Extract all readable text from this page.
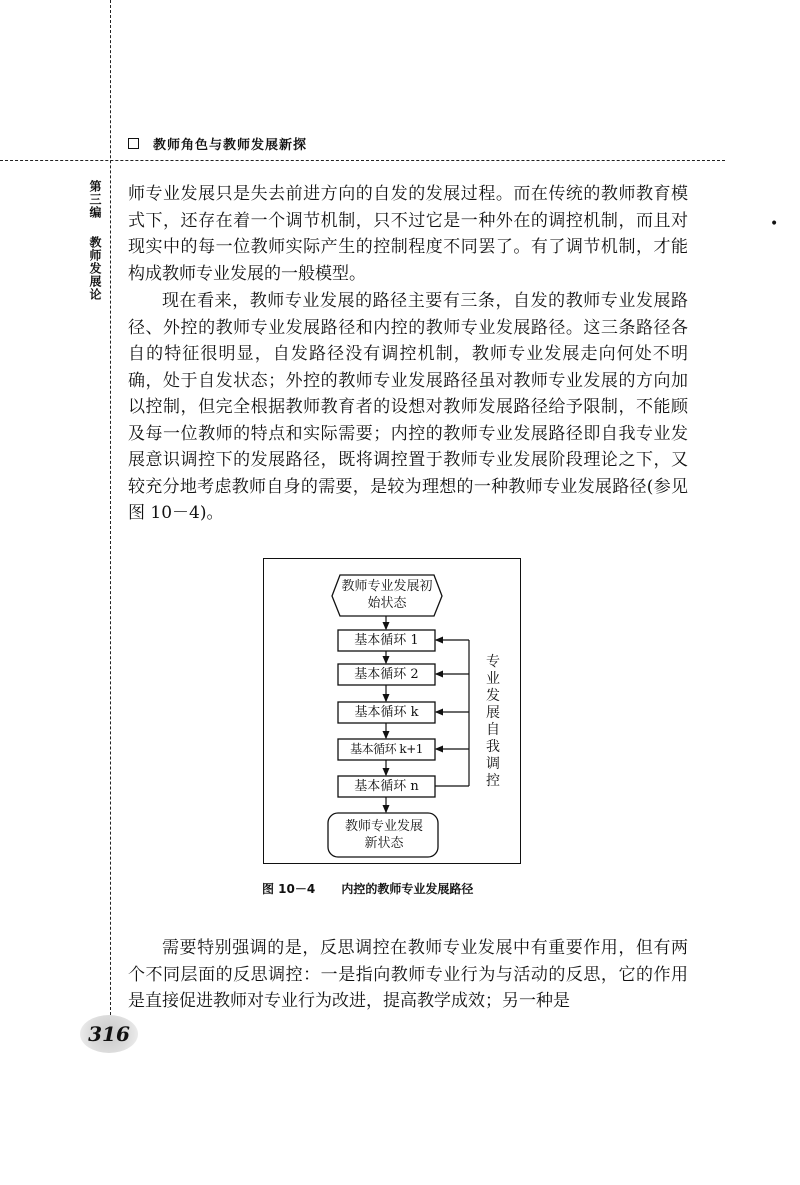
教师角色与教师发展新探
第三编
教师发展论

师专业发展只是失去前进方向的自发的发展过程。而在传统的教师教育模式下，还存在着一个调节机制，只不过它是一种外在的调控机制，而且对现实中的每一位教师实际产生的控制程度不同罢了。有了调节机制，才能构成教师专业发展的一般模型。

现在看来，教师专业发展的路径主要有三条，自发的教师专业发展路径、外控的教师专业发展路径和内控的教师专业发展路径。这三条路径各自的特征很明显，自发路径没有调控机制，教师专业发展走向何处不明确，处于自发状态；外控的教师专业发展路径虽对教师专业发展的方向加以控制，但完全根据教师教育者的设想对教师发展路径给予限制，不能顾及每一位教师的特点和实际需要；内控的教师专业发展路径即自我专业发展意识调控下的发展路径，既将调控置于教师专业发展阶段理论之下，又较充分地考虑教师自身的需要，是较为理想的一种教师专业发展路径(参见图 10－4)。

•
教师专业发展初始状态
基本循环 1
基本循环 2
基本循环 k
基本循环 k+1
基本循环 n
教师专业发展新状态
专业发展自我调控
图 10－4 内控的教师专业发展路径

需要特别强调的是，反思调控在教师专业发展中有重要作用，但有两个不同层面的反思调控：一是指向教师专业行为与活动的反思，它的作用是直接促进教师对专业行为改进，提高教学成效；另一种是

316
